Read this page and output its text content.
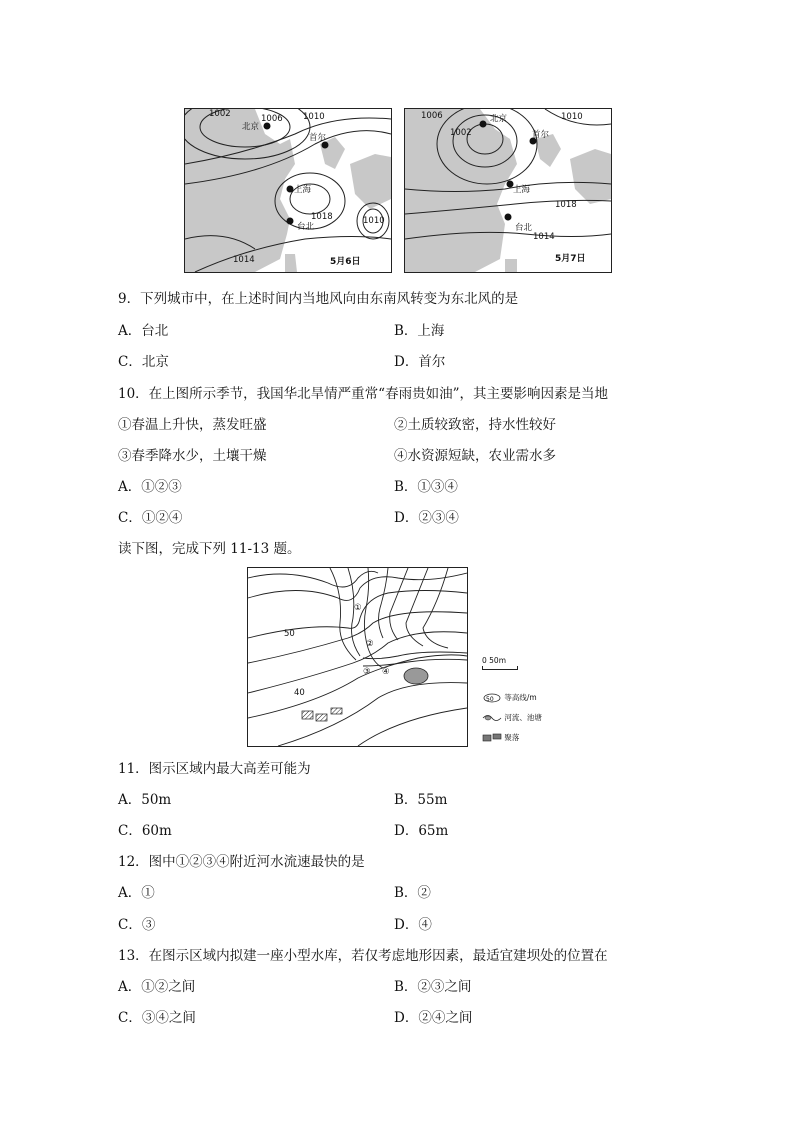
1002	1006 1010
1018	1010
1014
北京
首尔
上海
台北
5月6日
1006
1002
1010
1018
1014
北京
首尔
上海
台北
5月7日
9．下列城市中，在上述时间内当地风向由东南风转变为东北风的是
A．台北	B．上海
C．北京	D．首尔
10．在上图所示季节，我国华北旱情严重常“春雨贵如油”，其主要影响因素是当地
①春温上升快，蒸发旺盛	②土质较致密，持水性较好
③春季降水少，土壤干燥	④水资源短缺，农业需水多
A．①②③	B．①③④
C．①②④	D．②③④
读下图，完成下列 11-13 题。
50
40
①
②
③ ④
0 50m
50 等高线/m
河流、池塘
聚落
11．图示区域内最大高差可能为
A．50m	B．55m
C．60m	D．65m
12．图中①②③④附近河水流速最快的是
A．①	B．②
C．③	D．④
13．在图示区域内拟建一座小型水库，若仅考虑地形因素，最适宜建坝处的位置在
A．①②之间	B．②③之间
C．③④之间	D．②④之间
